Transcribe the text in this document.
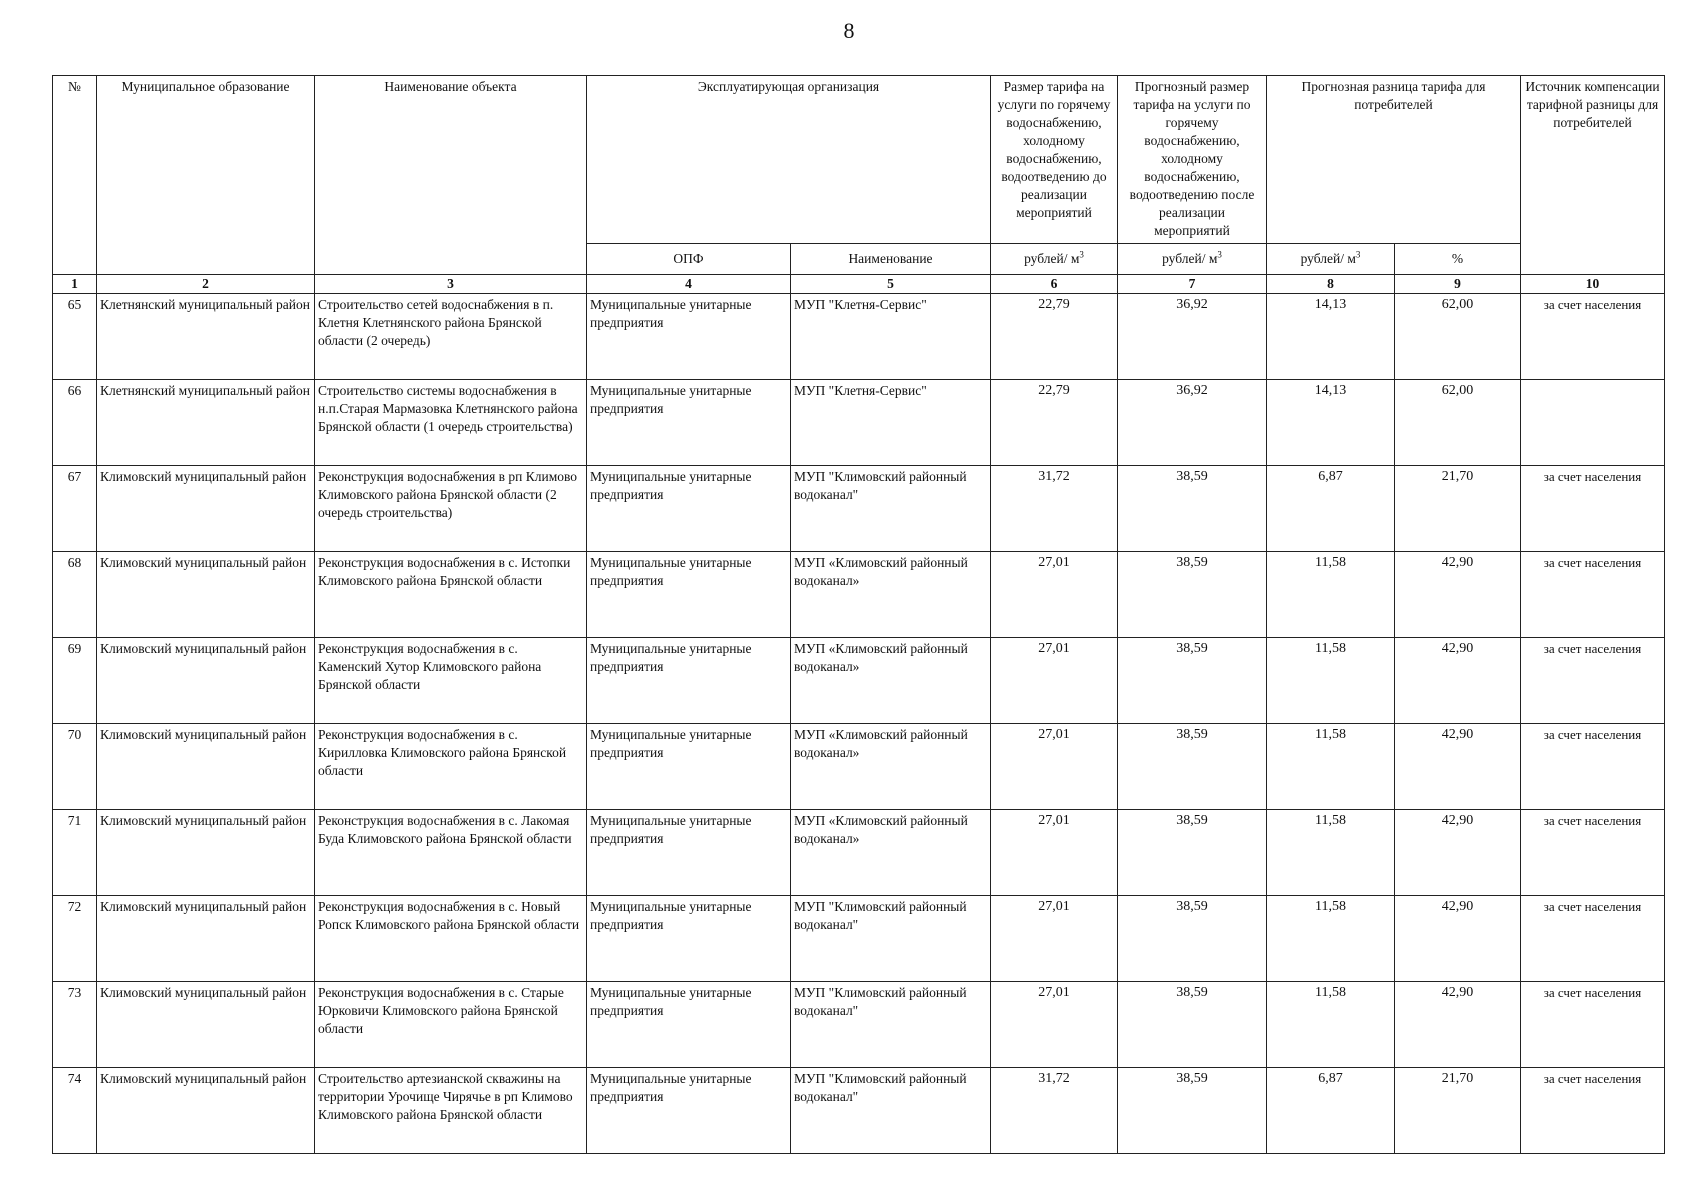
8
№	Муниципальное образование	Наименование объекта	Эксплуатирующая организация		Размер тарифа на услуги по горячему водоснабжению, холодному водоснабжению, водоотведению до реализации мероприятий	Прогнозный размер тарифа на услуги по горячему водоснабжению, холодному водоснабжению, водоотведению после реализации мероприятий	Прогнозная разница тарифа для потребителей		Источник компенсации тарифной разницы для потребителей
			ОПФ	Наименование	рублей/ $м^3$	рублей/ $м^3$	рублей/ $м^3$	%	
1	2	3	4	5	6	7	8	9	10
65	Клетнянский муниципальный район	Строительство сетей водоснабжения в п. Клетня Клетнянского района Брянской области (2 очередь)	Муниципальные унитарные предприятия	МУП "Клетня-Сервис"	22,79	36,92	14,13	62,00	за счет населения
66	Клетнянский муниципальный район	Строительство системы водоснабжения в н.п.Старая Мармазовка Клетнянского района Брянской области (1 очередь строительства)	Муниципальные унитарные предприятия	МУП "Клетня-Сервис"	22,79	36,92	14,13	62,00	
67	Климовский муниципальный район	Реконструкция водоснабжения в рп Климово Климовского района Брянской области (2 очередь строительства)	Муниципальные унитарные предприятия	МУП "Климовский районный водоканал"	31,72	38,59	6,87	21,70	за счет населения
68	Климовский муниципальный район	Реконструкция водоснабжения в с. Истопки Климовского района Брянской области	Муниципальные унитарные предприятия	МУП «Климовский районный водоканал»	27,01	38,59	11,58	42,90	за счет населения
69	Климовский муниципальный район	Реконструкция водоснабжения в с. Каменский Хутор Климовского района Брянской области	Муниципальные унитарные предприятия	МУП «Климовский районный водоканал»	27,01	38,59	11,58	42,90	за счет населения
70	Климовский муниципальный район	Реконструкция водоснабжения в с. Кирилловка Климовского района Брянской области	Муниципальные унитарные предприятия	МУП «Климовский районный водоканал»	27,01	38,59	11,58	42,90	за счет населения
71	Климовский муниципальный район	Реконструкция водоснабжения в с. Лакомая Буда Климовского района Брянской области	Муниципальные унитарные предприятия	МУП «Климовский районный водоканал»	27,01	38,59	11,58	42,90	за счет населения
72	Климовский муниципальный район	Реконструкция водоснабжения в с. Новый Ропск Климовского района Брянской области	Муниципальные унитарные предприятия	МУП "Климовский районный водоканал"	27,01	38,59	11,58	42,90	за счет населения
73	Климовский муниципальный район	Реконструкция водоснабжения в с. Старые Юрковичи Климовского района Брянской области	Муниципальные унитарные предприятия	МУП "Климовский районный водоканал"	27,01	38,59	11,58	42,90	за счет населения
74	Климовский муниципальный район	Строительство артезианской скважины на территории Урочище Чирячье в рп Климово Климовского района Брянской области	Муниципальные унитарные предприятия	МУП "Климовский районный водоканал"	31,72	38,59	6,87	21,70	за счет населения
